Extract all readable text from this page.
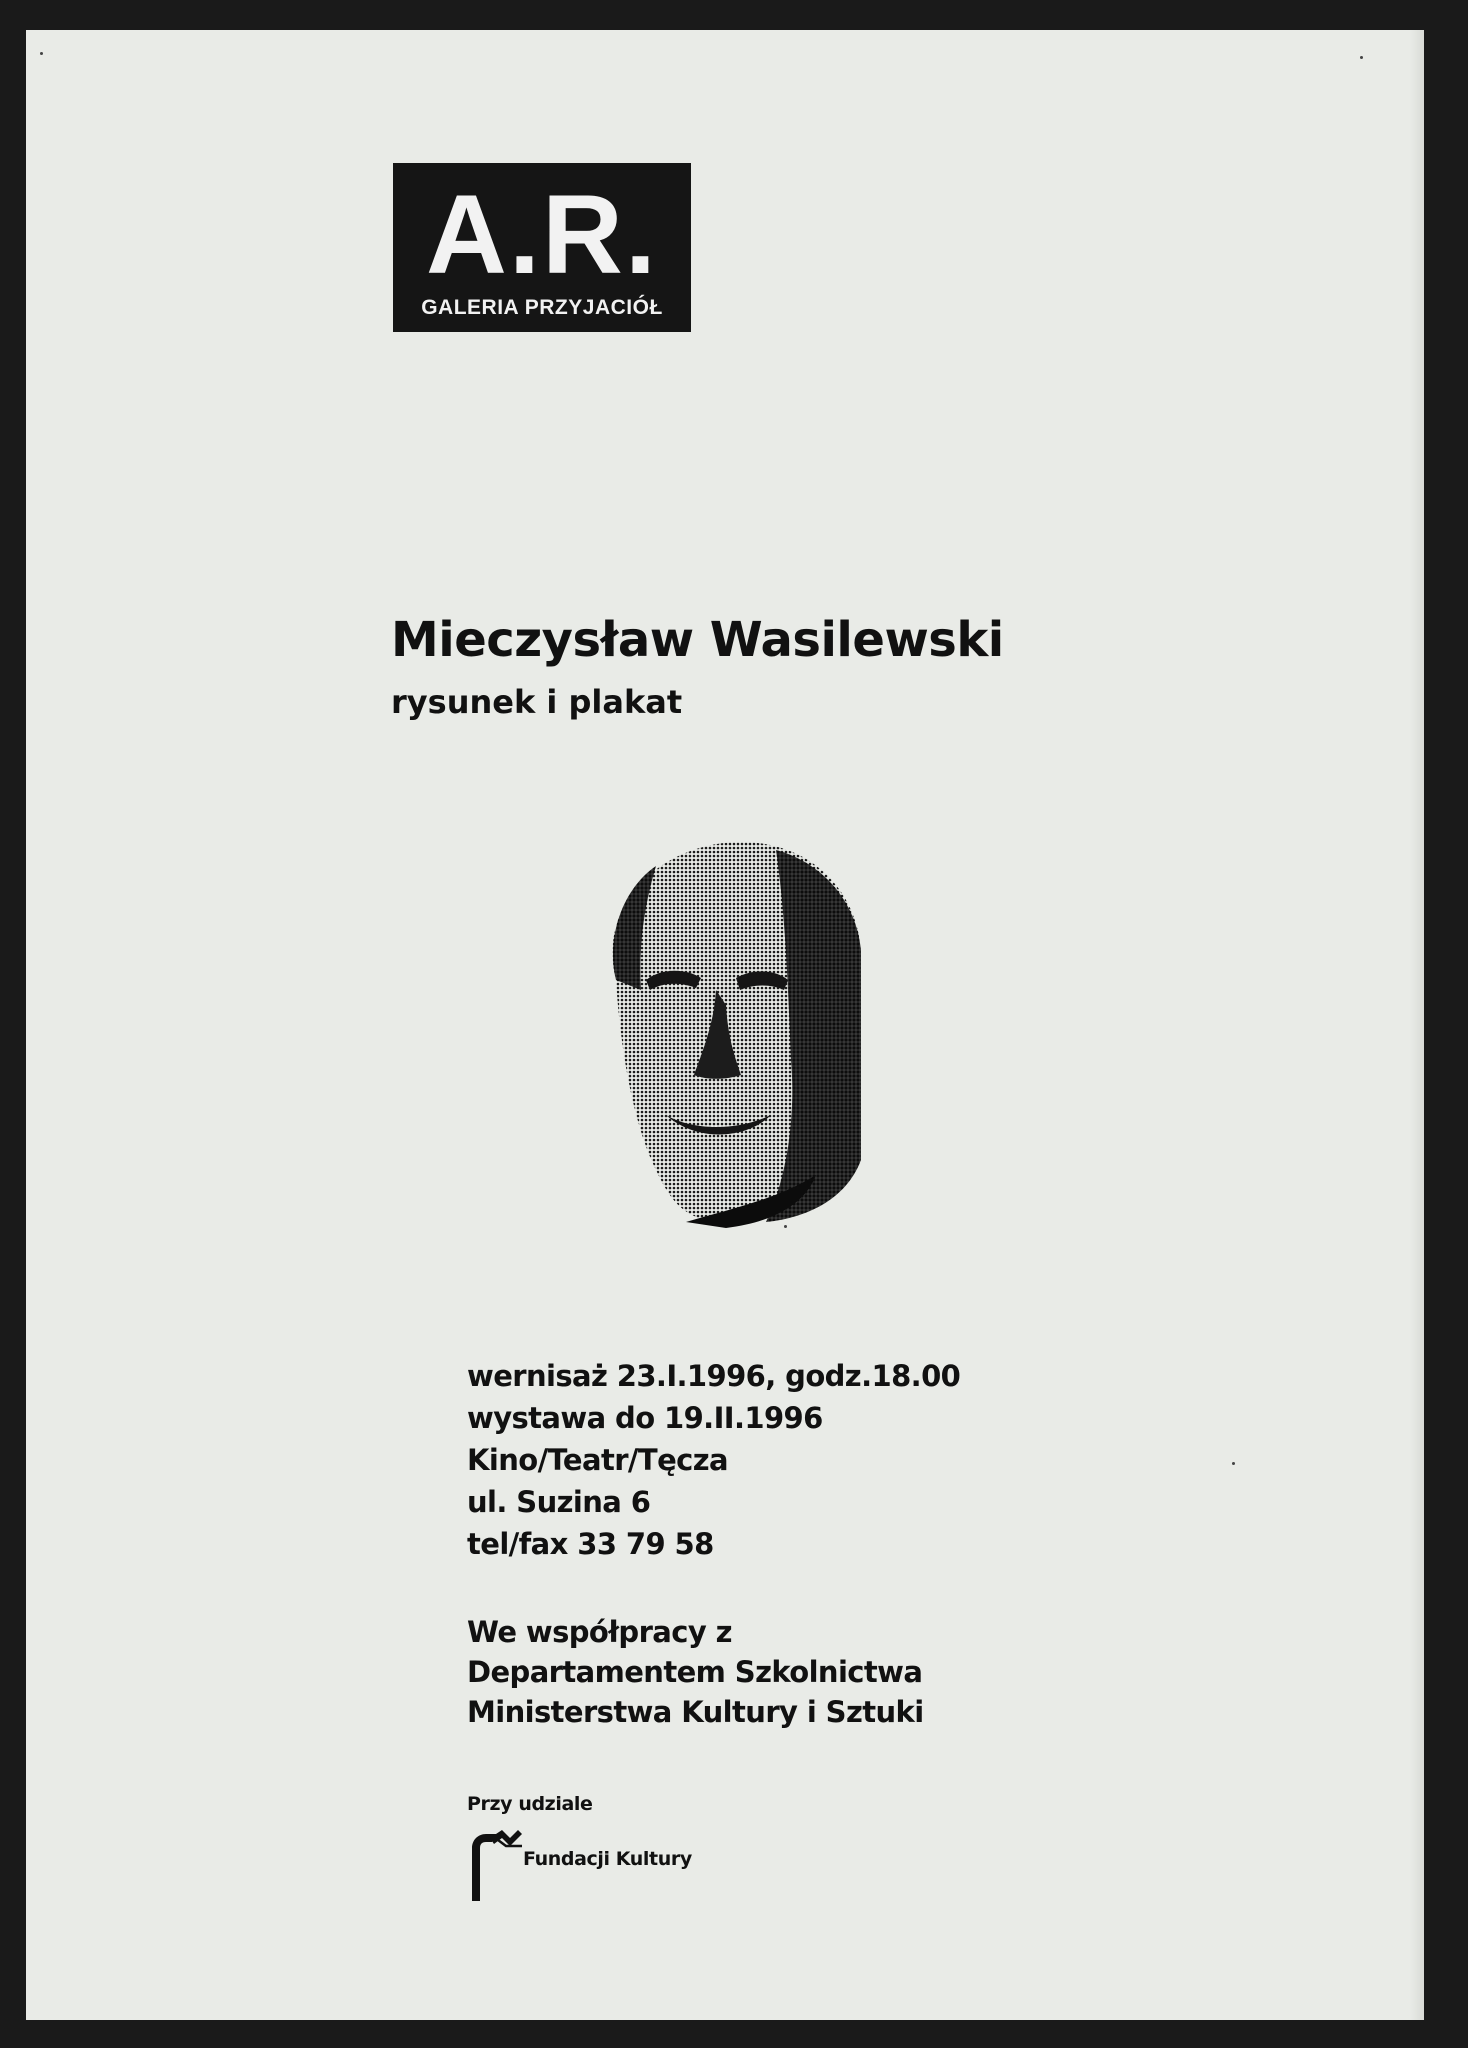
A.R.
GALERIA PRZYJACIÓŁ
Mieczysław Wasilewski
rysunek i plakat
wernisaż 23.I.1996, godz.18.00
wystawa do 19.II.1996
Kino/Teatr/Tęcza
ul. Suzina 6
tel/fax 33 79 58
We współpracy z
Departamentem Szkolnictwa
Ministerstwa Kultury i Sztuki
Przy udziale
Fundacji Kultury
